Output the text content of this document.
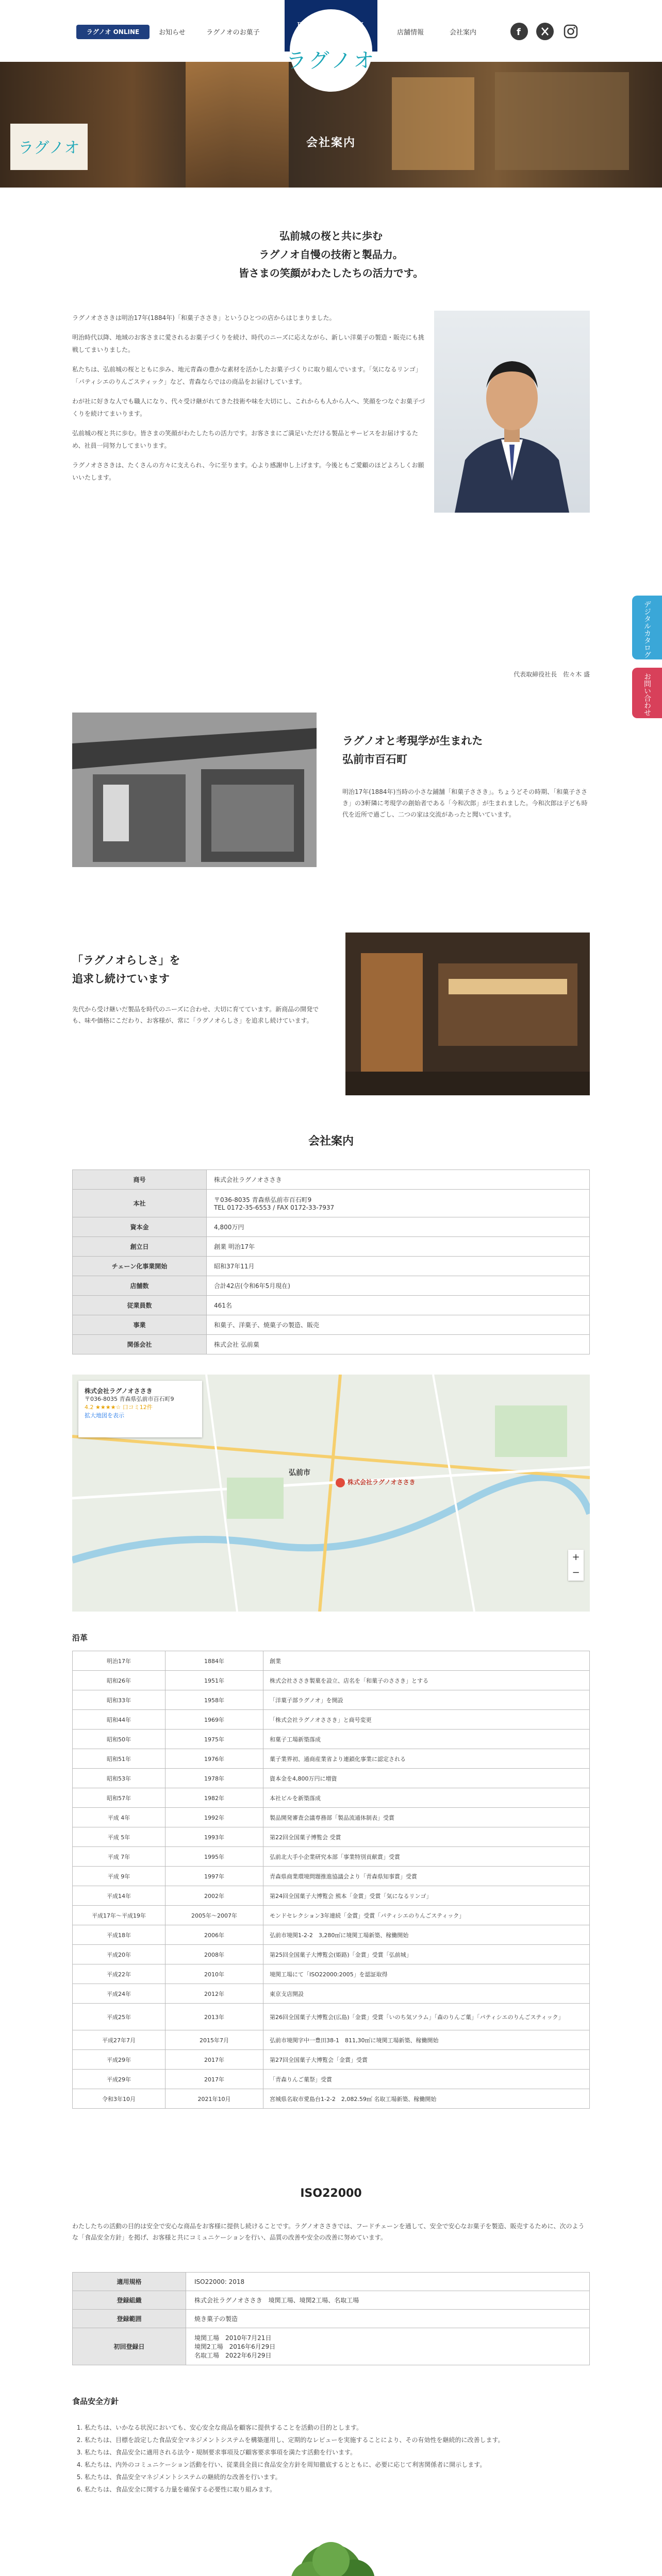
ラグノオ ONLINE SHOP
お知らせ	ラグノオのお菓子	店舗情報	会社案内	f
RAGUENEAU
ラグノオ
ラグノオ	会社案内
弘前城の桜と共に歩む
ラグノオ自慢の技術と製品力。
皆さまの笑顔がわたしたちの活力です。

ラグノオささきは明治17年(1884年)「和菓子ささき」というひとつの店からはじまりました。

明治時代以降、地域のお客さまに愛されるお菓子づくりを続け、時代のニーズに応えながら、新しい洋菓子の製造・販売にも挑戦してまいりました。

私たちは、弘前城の桜とともに歩み、地元青森の豊かな素材を活かしたお菓子づくりに取り組んでいます。「気になるリンゴ」「パティシエのりんごスティック」など、青森ならではの商品をお届けしています。

わが社に好きな人でも職人になり、代々受け継がれてきた技術や味を大切にし、これからも人から人へ、笑顔をつなぐお菓子づくりを続けてまいります。

弘前城の桜と共に歩む。皆さまの笑顔がわたしたちの活力です。お客さまにご満足いただける製品とサービスをお届けするため、社員一同努力してまいります。

ラグノオささきは、たくさんの方々に支えられ、今に至ります。心より感謝申し上げます。今後ともご愛顧のほどよろしくお願いいたします。

代表取締役社長　佐々木 盛
デジタルカタログ
お問い合わせ
ラグノオと考現学が生まれた
弘前市百石町
明治17年(1884年)当時の小さな鋪舗「和菓子ささき」。ちょうどその時期、「和菓子ささき」の3軒隣に考現学の創始者である「今和次郎」が生まれました。今和次郎は子ども時代を近所で過ごし、二つの家は交流があったと聞いています。
「ラグノオらしさ」を
追求し続けています
先代から受け継いだ製品を時代のニーズに合わせ、大切に育てています。新商品の開発でも、味や価格にこだわり、お客様が、常に「ラグノオらしさ」を追求し続けています。
会社案内
商号	株式会社ラグノオささき
本社	〒036-8035 青森県弘前市百石町9
TEL 0172-35-6553 / FAX 0172-33-7937
資本金	4,800万円
創立日	創業 明治17年
チェーン化事業開始	昭和37年11月
店舗数	合計42店(令和6年5月現在)
従業員数	461名
事業	和菓子、洋菓子、焼菓子の製造、販売
関係会社	株式会社 弘前菓
株式会社ラグノオささき
〒036-8035 青森県弘前市百石町9
4.2 ★★★★☆ 口コミ12件
拡大地図を表示
株式会社ラグノオささき
弘前市
+
−
沿革
明治17年	1884年	創業
昭和26年	1951年	株式会社ささき製菓を設立、店名を「和菓子のささき」とする
昭和33年	1958年	「洋菓子部ラグノオ」を開設
昭和44年	1969年	「株式会社ラグノオささき」と商号変更
昭和50年	1975年	和菓子工場新築落成
昭和51年	1976年	菓子業界初、通商産業省より連鎖化事業に認定される
昭和53年	1978年	資本金を4,800万円に増資
昭和57年	1982年	本社ビルを新築落成
平成 4年	1992年	製品開発審査会議専務部「製品流通体制表」受賞
平成 5年	1993年	第22回全国菓子博覧会 受賞
平成 7年	1995年	弘前北大手小企業研究本部「事業特別貢献賞」受賞
平成 9年	1997年	青森県商業環境問題推進協議会より「青森県知事賞」受賞
平成14年	2002年	第24回全国菓子大博覧会 熊本「金賞」受賞「気になるリンゴ」
平成17年〜平成19年	2005年〜2007年	モンドセレクション3年連続「金賞」受賞「パティシエのりんごスティック」
平成18年	2006年	弘前市境関1-2-2　3,280㎡に境関工場新築、稼働開始
平成20年	2008年	第25回全国菓子大博覧会(姫路)「金賞」受賞「弘前城」
平成22年	2010年	境関工場にて「ISO22000:2005」を認証取得
平成24年	2012年	東京支店開設
平成25年	2013年	第26回全国菓子大博覧会(広島)「金賞」受賞「いのち気ソラム」「森のりんご菓」「パティシエのりんごスティック」
平成27年7月	2015年7月	弘前市境関字中一豊田38-1　811,30㎡に境関工場新築、稼働開始
平成29年	2017年	第27回全国菓子大博覧会「金賞」受賞
平成29年	2017年	「青森りんご菓祭」受賞
令和3年10月	2021年10月	宮城県名取市愛島台1-2-2　2,082.59㎡ 名取工場新築、稼働開始
ISO22000
わたしたちの活動の目的は安全で安心な商品をお客様に提供し続けることです。ラグノオささきでは、フードチェーンを通して、安全で安心なお菓子を製造、販売するために、次のような「食品安全方針」を掲げ、お客様と共にコミュニケーションを行い、品質の改善や安全の改善に努めています。
適用規格	ISO22000: 2018
登録組織	株式会社ラグノオささき　境関工場、境関2工場、名取工場
登録範囲	焼き菓子の製造
初回登録日	境関工場　2010年7月21日
境関2工場　2016年6月29日
名取工場　2022年6月29日
食品安全方針
1. 私たちは、いかなる状況においても、安心安全な商品を顧客に提供することを活動の目的とします。
2. 私たちは、目標を設定した食品安全マネジメントシステムを構築運用し、定期的なレビューを実施することにより、その有効性を継続的に改善します。
3. 私たちは、食品安全に適用される法令・規制要求事項及び顧客要求事項を満たす活動を行います。
4. 私たちは、内外のコミュニケーション活動を行い、従業員全員に食品安全方針を周知徹底するとともに、必要に応じて利害関係者に開示します。
5. 私たちは、食品安全マネジメントシステムの継続的な改善を行います。
6. 私たちは、食品安全に関する力量を確保する必要性に取り組みます。
